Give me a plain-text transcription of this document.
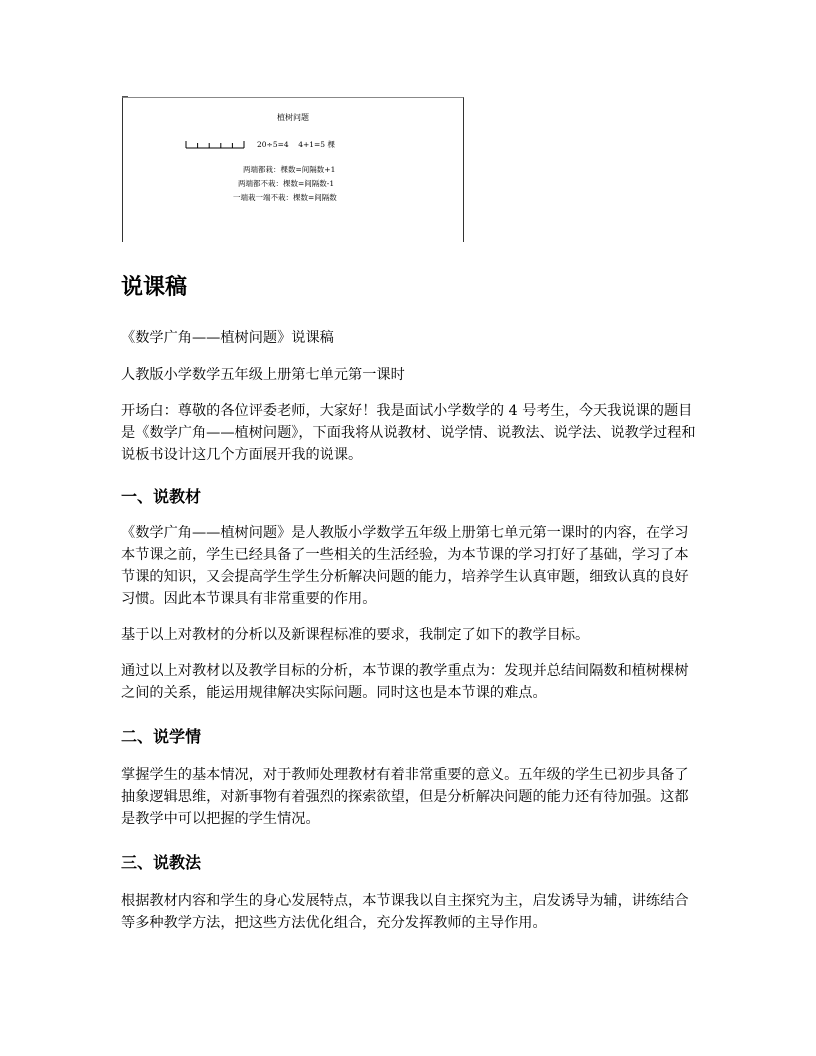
植树问题
20÷5=4    4+1=5 棵
两端都栽：棵数=间隔数+1
两端都不栽：棵数=间隔数-1
一端栽一端不栽：棵数=间隔数
说课稿

《数学广角——植树问题》说课稿

人教版小学数学五年级上册第七单元第一课时

开场白：尊敬的各位评委老师，大家好！我是面试小学数学的 4 号考生，今天我说课的题目是《数学广角——植树问题》，下面我将从说教材、说学情、说教法、说学法、说教学过程和说板书设计这几个方面展开我的说课。

一、说教材

《数学广角——植树问题》是人教版小学数学五年级上册第七单元第一课时的内容，在学习本节课之前，学生已经具备了一些相关的生活经验，为本节课的学习打好了基础，学习了本节课的知识，又会提高学生学生分析解决问题的能力，培养学生认真审题，细致认真的良好习惯。因此本节课具有非常重要的作用。

基于以上对教材的分析以及新课程标准的要求，我制定了如下的教学目标。

通过以上对教材以及教学目标的分析，本节课的教学重点为：发现并总结间隔数和植树棵树之间的关系，能运用规律解决实际问题。同时这也是本节课的难点。

二、说学情

掌握学生的基本情况，对于教师处理教材有着非常重要的意义。五年级的学生已初步具备了抽象逻辑思维，对新事物有着强烈的探索欲望，但是分析解决问题的能力还有待加强。这都是教学中可以把握的学生情况。

三、说教法

根据教材内容和学生的身心发展特点，本节课我以自主探究为主，启发诱导为辅，讲练结合等多种教学方法，把这些方法优化组合，充分发挥教师的主导作用。
